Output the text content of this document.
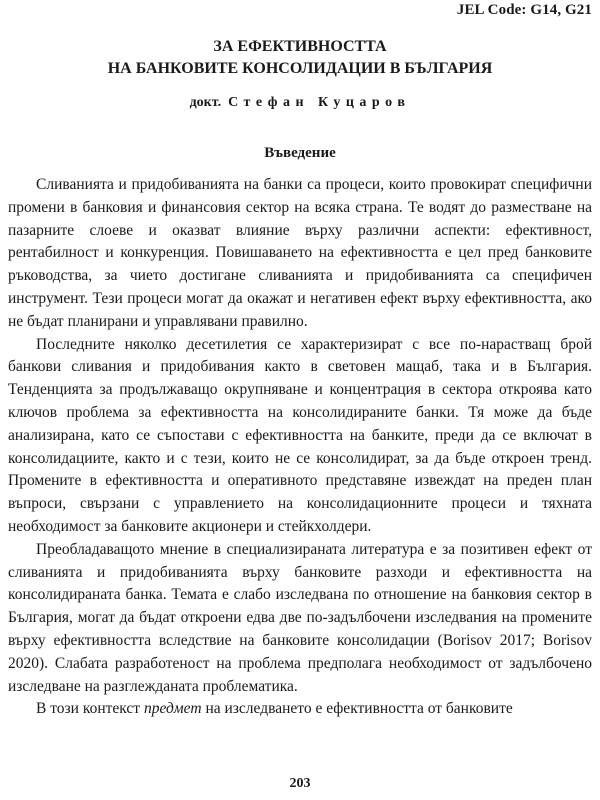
JEL Code: G14, G21
ЗА ЕФЕКТИВНОСТТА
НА БАНКОВИТЕ КОНСОЛИДАЦИИ В БЪЛГАРИЯ
докт. Стефан Куцаров
Въведение

Сливанията и придобиванията на банки са процеси, които провокират специфични промени в банковия и финансовия сектор на всяка страна. Те водят до разместване на пазарните слоеве и оказват влияние върху различни аспекти: ефективност, рентабилност и конкуренция. Повишаването на ефективността е цел пред банковите ръководства, за чието достигане сливанията и придобиванията са специфичен инструмент. Тези процеси могат да окажат и негативен ефект върху ефективността, ако не бъдат планирани и управлявани правилно.

Последните няколко десетилетия се характеризират с все по-нарастващ брой банкови сливания и придобивания както в световен мащаб, така и в България. Тенденцията за продължаващо окрупняване и концентрация в сектора откроява като ключов проблема за ефективността на консолидираните банки. Тя може да бъде анализирана, като се съпостави с ефективността на банките, преди да се включат в консолидациите, както и с тези, които не се консолидират, за да бъде откроен тренд. Промените в ефективността и оперативното представяне извеждат на преден план въпроси, свързани с управлението на консолидационните процеси и тяхната необходимост за банковите акционери и стейкхолдери.

Преобладаващото мнение в специализираната литература е за позитивен ефект от сливанията и придобиванията върху банковите разходи и ефективността на консолидираната банка. Темата е слабо изследвана по отношение на банковия сектор в България, могат да бъдат откроени едва две по-задълбочени изследвания на промените върху ефективността вследствие на банковите консолидации (Borisov 2017; Borisov 2020). Слабата разработеност на проблема предполага необходимост от задълбочено изследване на разглежданата проблематика.

В този контекст предмет на изследването е ефективността от банковите

203
